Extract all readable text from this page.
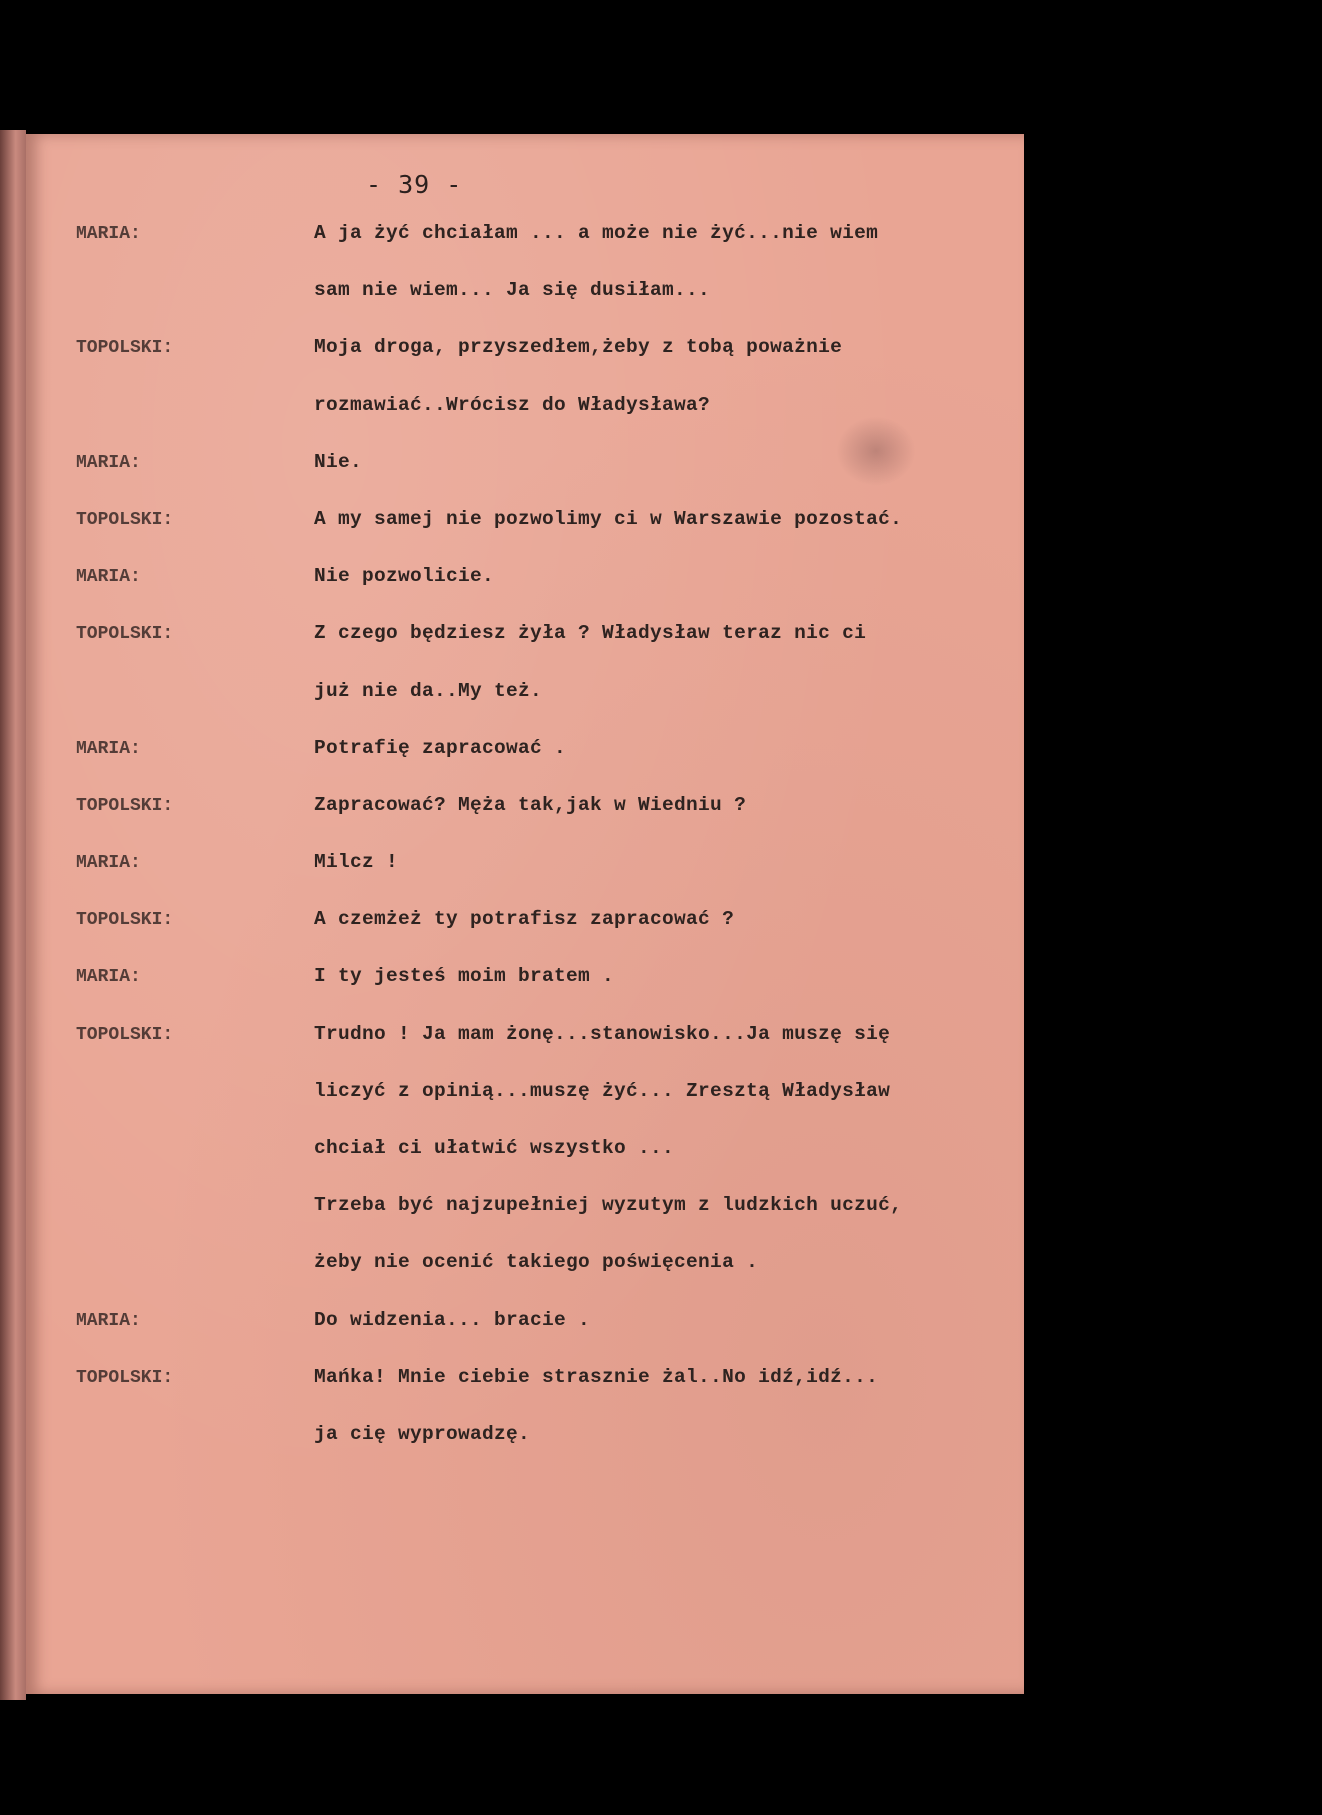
- 39 -
MARIA:	A ja żyć chciałam ... a może nie żyć...nie wiem
sam nie wiem... Ja się dusiłam...
TOPOLSKI:	Moja droga, przyszedłem,żeby z tobą poważnie
rozmawiać..Wrócisz do Władysława?
MARIA:	Nie.
TOPOLSKI:	A my samej nie pozwolimy ci w Warszawie pozostać.
MARIA:	Nie pozwolicie.
TOPOLSKI:	Z czego będziesz żyła ? Władysław teraz nic ci
już nie da..My też.
MARIA:	Potrafię zapracować .
TOPOLSKI:	Zapracować? Męża tak,jak w Wiedniu ?
MARIA:	Milcz !
TOPOLSKI:	A czemżeż ty potrafisz zapracować ?
MARIA:	I ty jesteś moim bratem .
TOPOLSKI:	Trudno ! Ja mam żonę...stanowisko...Ja muszę się
liczyć z opinią...muszę żyć... Zresztą Władysław
chciał ci ułatwić wszystko ...
Trzeba być najzupełniej wyzutym z ludzkich uczuć,
żeby nie ocenić takiego poświęcenia .
MARIA:	Do widzenia... bracie .
TOPOLSKI:	Mańka! Mnie ciebie strasznie żal..No idź,idź...
ja cię wyprowadzę.
